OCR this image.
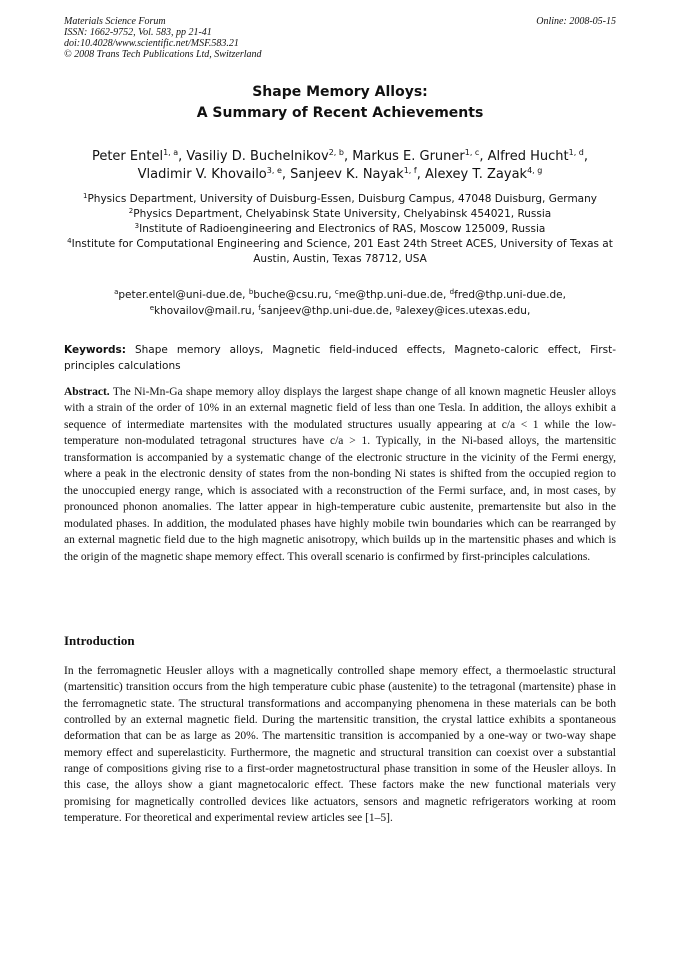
Materials Science Forum
ISSN: 1662-9752, Vol. 583, pp 21-41
doi:10.4028/www.scientific.net/MSF.583.21
© 2008 Trans Tech Publications Ltd, Switzerland
Online: 2008-05-15
Shape Memory Alloys:
A Summary of Recent Achievements
Peter Entel$^{1, a}$, Vasiliy D. Buchelnikov$^{2, b}$, Markus E. Gruner$^{1, c}$, Alfred Hucht$^{1, d}$,
Vladimir V. Khovailo$^{3, e}$, Sanjeev K. Nayak$^{1, f}$, Alexey T. Zayak$^{4, g}$
$^1$Physics Department, University of Duisburg-Essen, Duisburg Campus, 47048 Duisburg, Germany
$^2$Physics Department, Chelyabinsk State University, Chelyabinsk 454021, Russia
$^3$Institute of Radioengineering and Electronics of RAS, Moscow 125009, Russia
$^4$Institute for Computational Engineering and Science, 201 East 24th Street ACES, University of Texas at Austin, Austin, Texas 78712, USA
$^a$peter.entel@uni-due.de, $^b$buche@csu.ru, $^c$me@thp.uni-due.de, $^d$fred@thp.uni-due.de,
$^e$khovailov@mail.ru, $^f$sanjeev@thp.uni-due.de, $^g$alexey@ices.utexas.edu,
Keywords: Shape memory alloys, Magnetic field-induced effects, Magneto-caloric effect, First-principles calculations
Abstract. The Ni-Mn-Ga shape memory alloy displays the largest shape change of all known magnetic Heusler alloys with a strain of the order of 10% in an external magnetic field of less than one Tesla. In addition, the alloys exhibit a sequence of intermediate martensites with the modulated structures usually appearing at c/a < 1 while the low-temperature non-modulated tetragonal structures have c/a > 1. Typically, in the Ni-based alloys, the martensitic transformation is accompanied by a systematic change of the electronic structure in the vicinity of the Fermi energy, where a peak in the electronic density of states from the non-bonding Ni states is shifted from the occupied region to the unoccupied energy range, which is associated with a reconstruction of the Fermi surface, and, in most cases, by pronounced phonon anomalies. The latter appear in high-temperature cubic austenite, premartensite but also in the modulated phases. In addition, the modulated phases have highly mobile twin boundaries which can be rearranged by an external magnetic field due to the high magnetic anisotropy, which builds up in the martensitic phases and which is the origin of the magnetic shape memory effect. This overall scenario is confirmed by first-principles calculations.
Introduction
In the ferromagnetic Heusler alloys with a magnetically controlled shape memory effect, a thermoelastic structural (martensitic) transition occurs from the high temperature cubic phase (austenite) to the tetragonal (martensite) phase in the ferromagnetic state. The structural transformations and accompanying phenomena in these materials can be both controlled by an external magnetic field. During the martensitic transition, the crystal lattice exhibits a spontaneous deformation that can be as large as 20%. The martensitic transition is accompanied by a one-way or two-way shape memory effect and superelasticity. Furthermore, the magnetic and structural transition can coexist over a substantial range of compositions giving rise to a first-order magnetostructural phase transition in some of the Heusler alloys. In this case, the alloys show a giant magnetocaloric effect. These factors make the new functional materials very promising for magnetically controlled devices like actuators, sensors and magnetic refrigerators working at room temperature. For theoretical and experimental review articles see [1–5].
